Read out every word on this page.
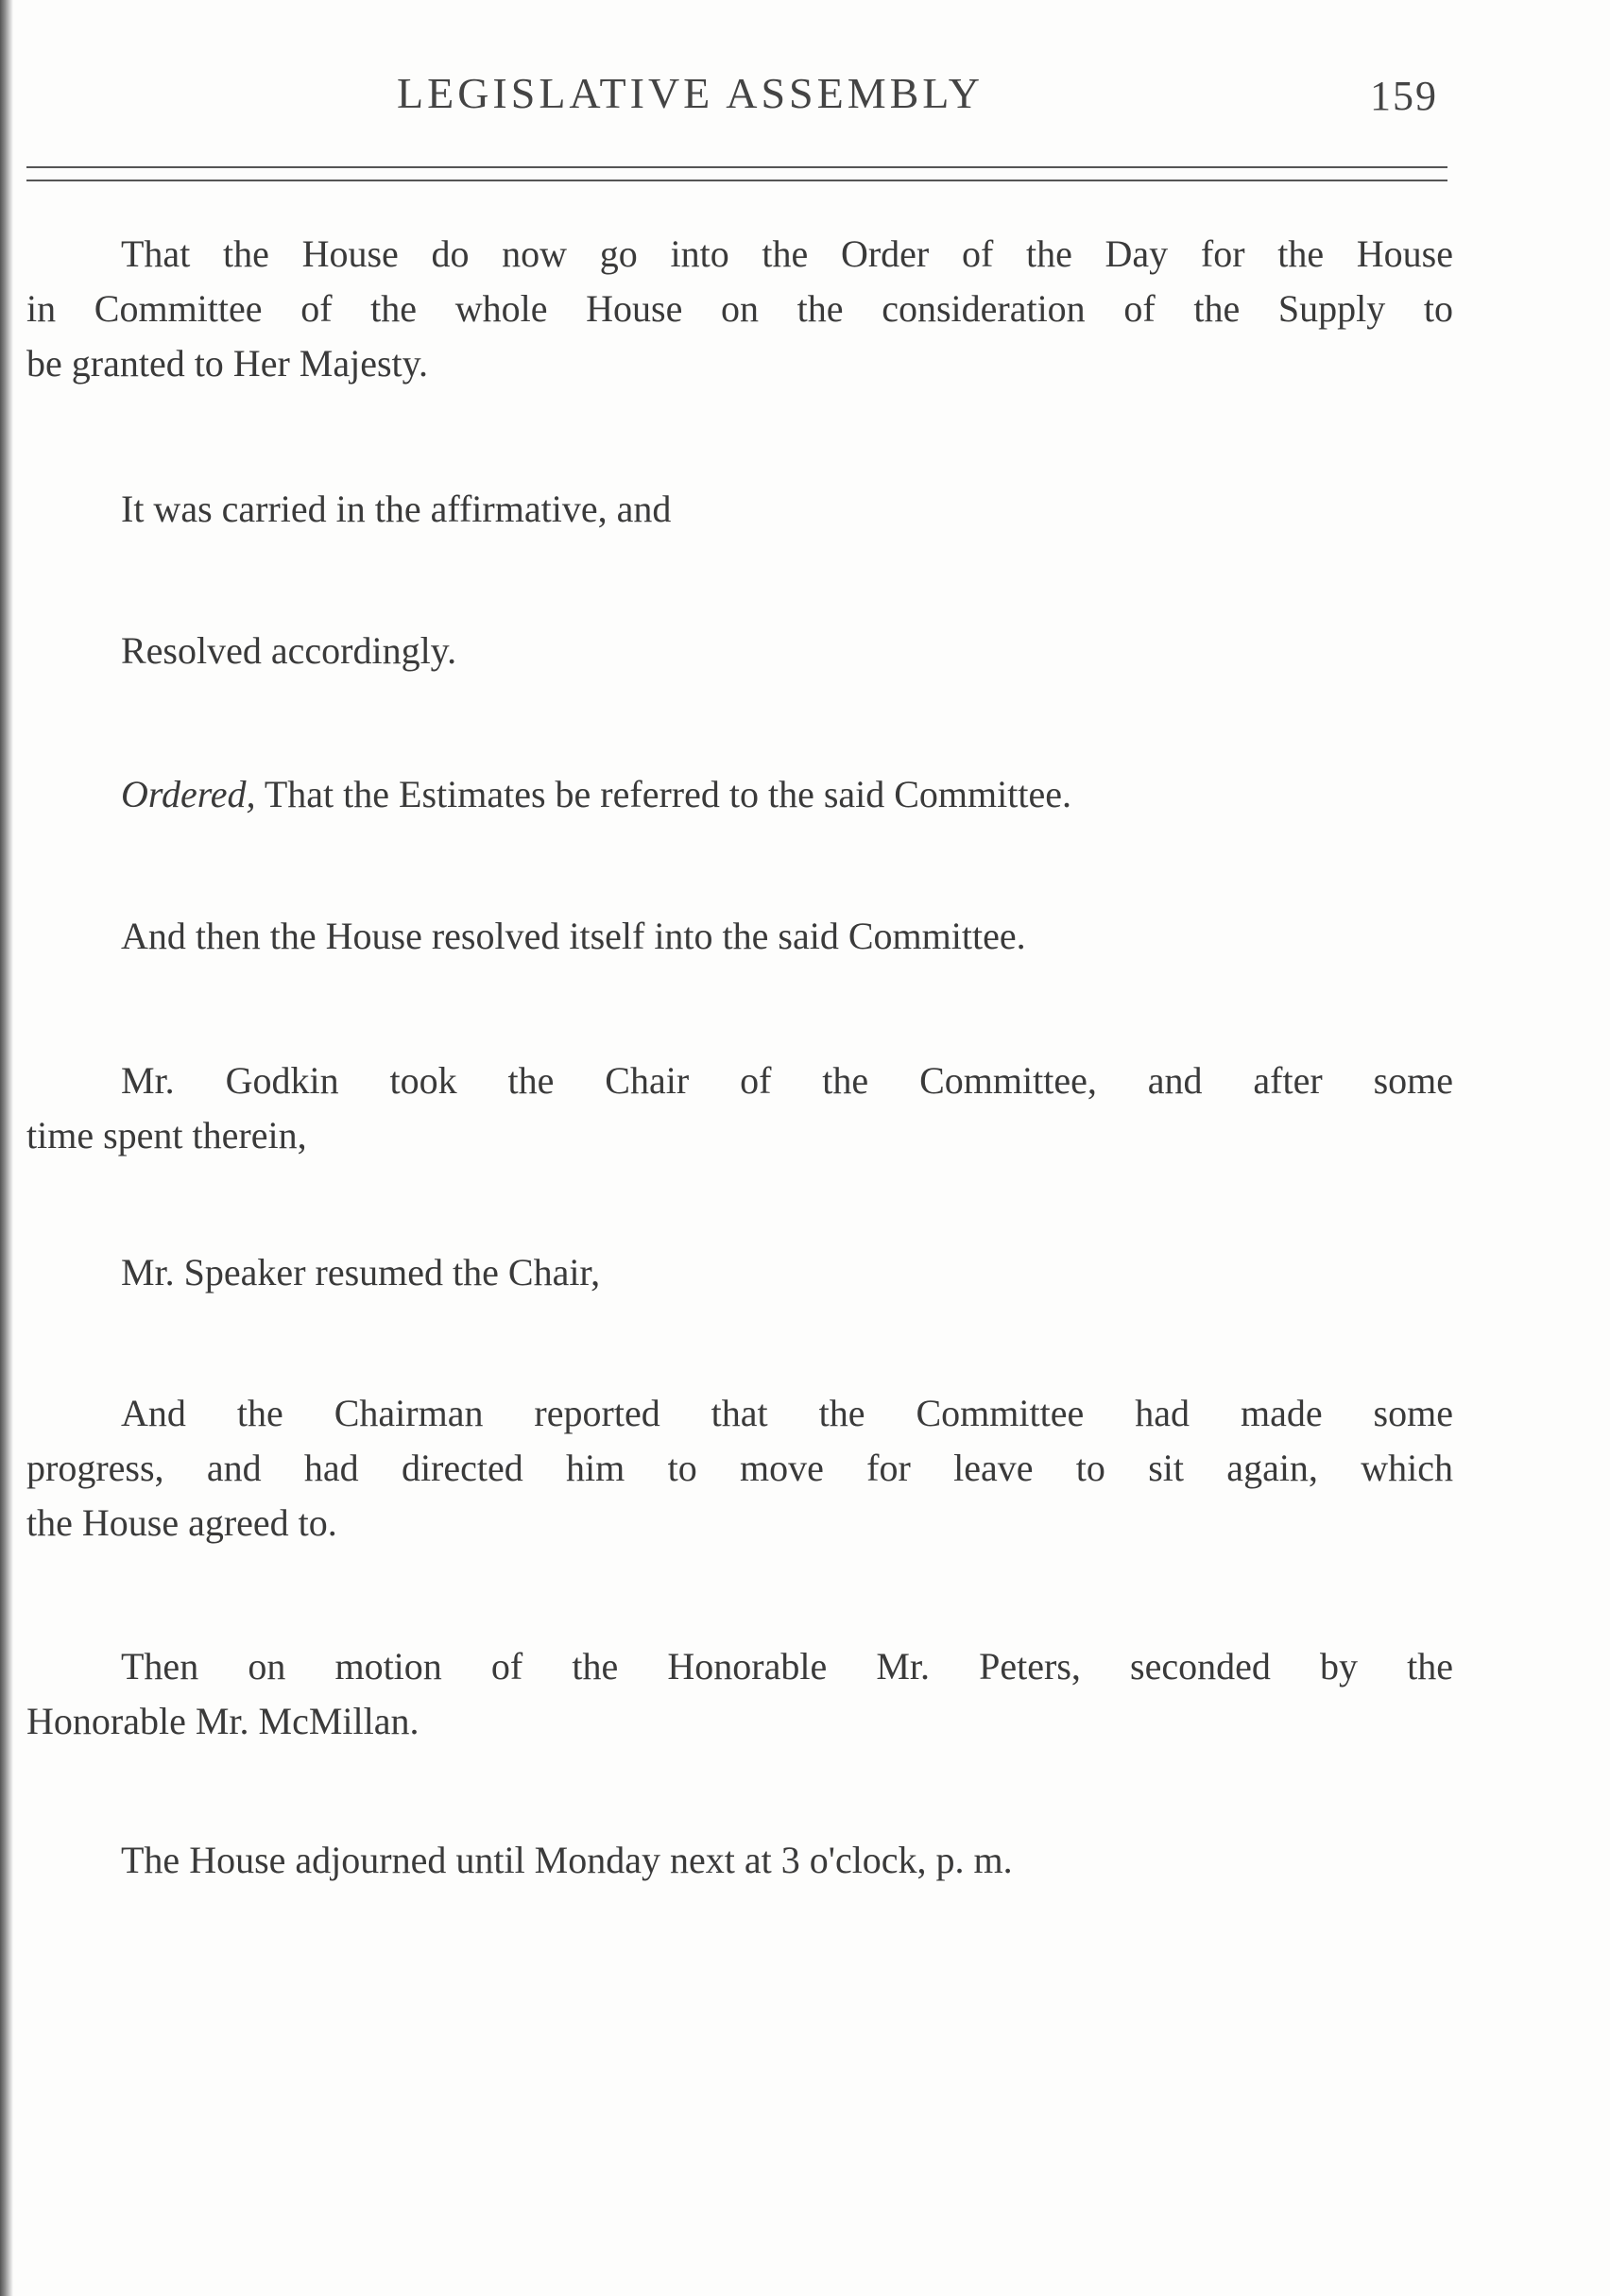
LEGISLATIVE ASSEMBLY	159
That the House do now go into the Order of the Day for the House
in Committee of the whole House on the consideration of the Supply to
be granted to Her Majesty.
It was carried in the affirmative, and
Resolved accordingly.
Ordered, That the Estimates be referred to the said Committee.
And then the House resolved itself into the said Committee.
Mr. Godkin took the Chair of the Committee, and after some
time spent therein,
Mr. Speaker resumed the Chair,
And the Chairman reported that the Committee had made some
progress, and had directed him to move for leave to sit again, which
the House agreed to.
Then on motion of the Honorable Mr. Peters, seconded by the
Honorable Mr. McMillan.
The House adjourned until Monday next at 3 o'clock, p. m.
